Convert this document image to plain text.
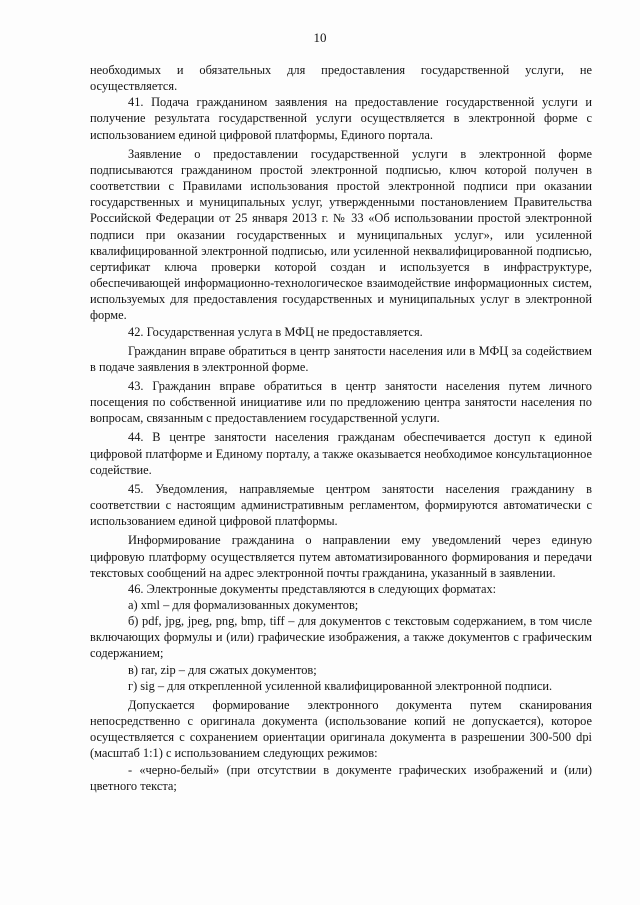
10

необходимых и обязательных для предоставления государственной услуги, не осуществляется.

41. Подача гражданином заявления на предоставление государственной услуги и получение результата государственной услуги осуществляется в электронной форме с использованием единой цифровой платформы, Единого портала.

Заявление о предоставлении государственной услуги в электронной форме подписываются гражданином простой электронной подписью, ключ которой получен в соответствии с Правилами использования простой электронной подписи при оказании государственных и муниципальных услуг, утвержденными постановлением Правительства Российской Федерации от 25 января 2013 г. № 33 «Об использовании простой электронной подписи при оказании государственных и муниципальных услуг», или усиленной квалифицированной электронной подписью, или усиленной неквалифицированной подписью, сертификат ключа проверки которой создан и используется в инфраструктуре, обеспечивающей информационно-технологическое взаимодействие информационных систем, используемых для предоставления государственных и муниципальных услуг в электронной форме.

42. Государственная услуга в МФЦ не предоставляется.

Гражданин вправе обратиться в центр занятости населения или в МФЦ за содействием в подаче заявления в электронной форме.

43. Гражданин вправе обратиться в центр занятости населения путем личного посещения по собственной инициативе или по предложению центра занятости населения по вопросам, связанным с предоставлением государственной услуги.

44. В центре занятости населения гражданам обеспечивается доступ к единой цифровой платформе и Единому порталу, а также оказывается необходимое консультационное содействие.

45. Уведомления, направляемые центром занятости населения гражданину в соответствии с настоящим административным регламентом, формируются автоматически с использованием единой цифровой платформы.

Информирование гражданина о направлении ему уведомлений через единую цифровую платформу осуществляется путем автоматизированного формирования и передачи текстовых сообщений на адрес электронной почты гражданина, указанный в заявлении.

46. Электронные документы представляются в следующих форматах:

а) xml – для формализованных документов;

б) pdf, jpg, jpeg, png, bmp, tiff – для документов с текстовым содержанием, в том числе включающих формулы и (или) графические изображения, а также документов с графическим содержанием;

в) rar, zip – для сжатых документов;

г) sig – для открепленной усиленной квалифицированной электронной подписи.

Допускается формирование электронного документа путем сканирования непосредственно с оригинала документа (использование копий не допускается), которое осуществляется с сохранением ориентации оригинала документа в разрешении 300-500 dpi (масштаб 1:1) с использованием следующих режимов:

- «черно-белый» (при отсутствии в документе графических изображений и (или) цветного текста;
